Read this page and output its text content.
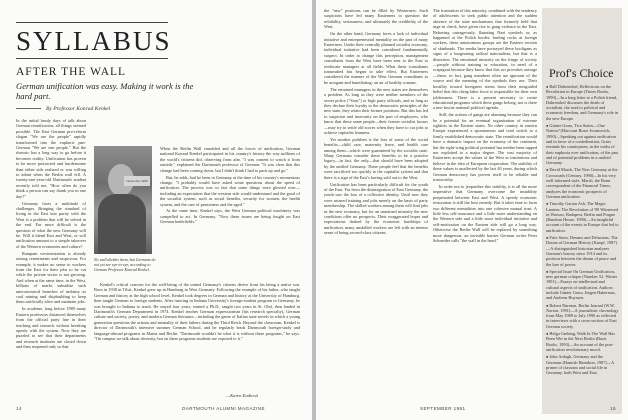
SYLLABUS
AFTER THE WALL
German unification was easy. Making it work is the hard part.
By Professor Konrad Kenkel

In the initial heady days of talk about German reunification, all things seemed possible. The East German pro-reform slogan "We are the people" rapidly transformed into the euphoric pan-German "We are one people." But the rhetoric has a long way to go before it becomes reality. Unification has proven to be more protracted and burdensome than either side realized or was willing to admit when the Berlin wall fell. A twenty-one-year-old Dartmouth student recently told me, "How often do you think a person can say thank you in one day?"

Germany faces a multitude of challenges. Bringing the standard of living in the East into parity with the West is a problem that will be solved in the end. Far more difficult is the question of what the new Germany will be. Will it blend East and West, or will unification amount to a simple takeover of the Western economies and culture?

Rampant westernization is already raising resentments and suspicions. For example, it makes no sense to workers from the East for their jobs to be cut while the private sector is not growing. And when at the same time, in the West, billions of marks subsidize such uneconomical branches of industry as coal mining and shipbuilding to keep them artificially alive and maintain jobs.

In academe, long before 1989 many Eastern professors distanced themselves from the official party line in their teaching and research without breaking openly with the system. Now they are puzzled to see that their departments and research institutes are closed down and then reopened only so that

November 1989
No wall divides them, but Germans do not yet see eye-to-eye, according to German Professor Konrad Kenkel.

When the Berlin Wall crumbled and all the forces of unification, German national Konrad Kenkel participated in his country's history the way millions of the world's citizens did, observing from afar. "I was content to watch it from outside," explained the Dartmouth professor of German. "It was clear that this change had been coming down, but I didn't think I had to pack up and go."

But, he adds, had he been in Germany at the time of his country's momentous change, "I probably would have asked some questions about the speed of unification. The process was so fast that some things were glossed over—including an expectation that the western side would understand and the good of the socialist system, such as social benefits, security for women, the health system, and the care of pensioners and the aged."

At the same time, Kenkel says, the West German political machinery was compelled to act. In Germany. "Now these issues are being fought on East German battlefields."

Kenkel's critical concern for the well-being of the united Germany's citizens derive from his being a native son. Born in 1938 in Tilsit, Kenkel grew up in Hamburg in West Germany. Following the example of his father, who taught German and history at the high school level, Kenkel took degrees in German and history at the University of Hamburg, then taught German to foreign students. After tutoring in Indiana University's foreign-student program in Germany, he was brought to Indiana to teach. He stayed four years, earned a Ph.D., taught two years in St. Olaf, then landed in Dartmouth's German Department in 1974. Kenkel teaches German expressionism (his research specialty), German culture and society, poetry, and modern German literature—including the genre of Italian state novels in which a young generation questions the actions and mentality of their fathers during the Third Reich. Beyond the classroom, Kenkel is director of Dartmouth's intensive summer German School, and he regularly leads Dartmouth foreign-study and language-abroad programs in Mainz and Berlin. "Dartmouth wouldn't be what it is without these programs," he says. "On campus we talk about diversity, but on these programs students are exposed to it."

—Karen Endicott
14	DARTMOUTH ALUMNI MAGAZINE

the "new" positions can be filled by Westerners. Such suspicions have led many Easterners to question the reliability, seriousness, and ultimately the credibility of the West.

On the other hand, Germany faces a lack of individual initiative and entrepreneurial mentality on the part of many Easterners. Under their centrally planned socialist economy, individual initiative had been considered fundamentally suspect. In order to change this perception, management consultants from the West have been sent to the East to reeducate managers at all fields. What these consultants transmitted has begun to take effect. But Easterners considered the manner of the West German consultants to be arrogant and humiliating: an air of healthy romans.

The retrained managers in the new states are themselves a problem. As long as they were neither members of the secret police ("Stasi") or high party officials, and as long as they declare their loyalty to the democratic principles of the new state, they retain their former positions. But this has led to suspicion and insecurity on the part of employees, who know that these same people—their former socialist bosses—may try to settle old scores when they have to cut jobs to achieve capitalist leanness.

Yet another problem is the loss of some of the social benefits—child care, maternity leave, and health care among them—which were guaranteed by the socialist state. Many Germans consider these benefits to be a positive legacy—in fact, the only—that should have been adopted by the unified Germany. These people feel that the benefits were sacrificed too quickly to the capitalist system and that there is a sign of the East's having sold out to the West.

Unification has been particularly difficult for the youth of the East. Far from the disintegration of East Germany, the youth saw the loss of a collective identity. Until now they were assured training and jobs merely on the basis of party membership. The skilled workers among them will find jobs in the new economy, but for an untrained minority the new conditions offer no prospects. Their exaggerated hopes and expectations dashed by the economic hardships of unification, many unskilled workers are left with an intense sense of being second-class citizens.

The frustration of this minority, combined with the tendency of adolescents to seek public attention and the sudden absence of the state mechanisms that formerly held that urge in check, have given rise to gang violence in the East. Behaving outrageously, flaunting Nazi symbols or, as happened at the Polish border, hurling rocks at foreign workers, these autonomous groups are the Eastern version of skinheads. The media have portrayed these hooligans as signs of a burgeoning radical nationalism, but that is a distortion. The emotional minority on the fringe of society—people without training or education, in need of a scapegoat because they know that this act provokes outrage—these, in fact, gang members often are ignorant of the source and the meaning of the symbols they use. Their hostility toward foreigners stems from their misguided belief that this cheap labor force is responsible for their own joblessness. There is a present necessity to create educational programs which these gangs belong, not is there a neo-fascist national political agenda.

Still, the actions of gangs are alarming because they can be a potential for an eventual organization of extreme rightists in the Eastern states. No other country in eastern Europe experienced a spontaneous and total switch to a firmly established democratic state. The reunification would have a dramatic impact on the economy of the continent, but the right-wing political potential has neither been tapped nor exploited to a major degree. The vast majority of Easterners accept the values of the West as institutions and believe in the idea of European cooperation. The stability of these values is unaffected by the last 40 years, during which German democracy has proven itself to be reliable and trustworthy.

In order not to jeopardize this stability, it is all the more imperative that Germany overcome the instability perpetuated between East and West. A speedy economic restoration is still the best remedy. But it takes time to form two different mentalities into one cohesive mutual trust. A little less self-assurance and a little more understanding on the Western side and a little more individual initiative and self-motivation on the Eastern side will go a long way. Otherwise the Berlin Wall will be replaced by something more dangerous: an invisible barrier German writer Peter Schneider calls "the wall in the head."

Prof's Choice
● Ralf Dahrendorf, Reflections on the Revolution in Europe (Times Books, 1990)—In a long letter to a Polish friend, Dahrendorf discusses the death of socialism, the road to political and economic freedom, and Germany's role in the new Europe.
● Günter Grass, Two States—One Nation? (Harcourt Brace Jovanovich, 1990)—Speaking out against unification and in favor of a confederation, Grass reminds his countrymen, in the midst of their euphoria over unification, of the past and of potential problems in a unified Germany.
● David Marsh, The New Germany at the Crossroads (Century, 1990)—In his very well informed style, Marsh, the Bonn correspondent of the Financial Times, analyzes the economic prospects of German unification.
● Timothy Garton Ash, The Magic Lantern: The Revolution of '89 Witnessed in Warsaw, Budapest, Berlin and Prague (Random House, 1990)—An insightful account of the events in Europe that led to unification.
● Fritz Stern, Dreams and Delusions: The Drama of German History (Knopf, 1987)—A distinguished historian analyzes German's history since 1914 and its position between the dream of peace and the lure of power.
● Special Issue On German Unification, new german critique (Number 52, Winter 1991)—Essays on intellectual and cultural aspects of unification. Authors include Günter Grass, Jürgen Habermas, and Andreas Huyssen.
● Robert Darnton, Berlin Journal (W.W. Norton, 1991)—A journalistic chronology from May 1989 to July 1990 as reflected in interviews with a cross-section of East German society.
● Helga Grebing, Walk In The Wall Has Been Wet in the Next Berlin (Basic Books, 1993)—An account of the post-unification revolutionary mood.
● John Ardagh, Germany and the Germans (Hamish Hamilton, 1987)—A primer of classism and social life in Germany, both West and East.
SEPTEMBER 1991	15
